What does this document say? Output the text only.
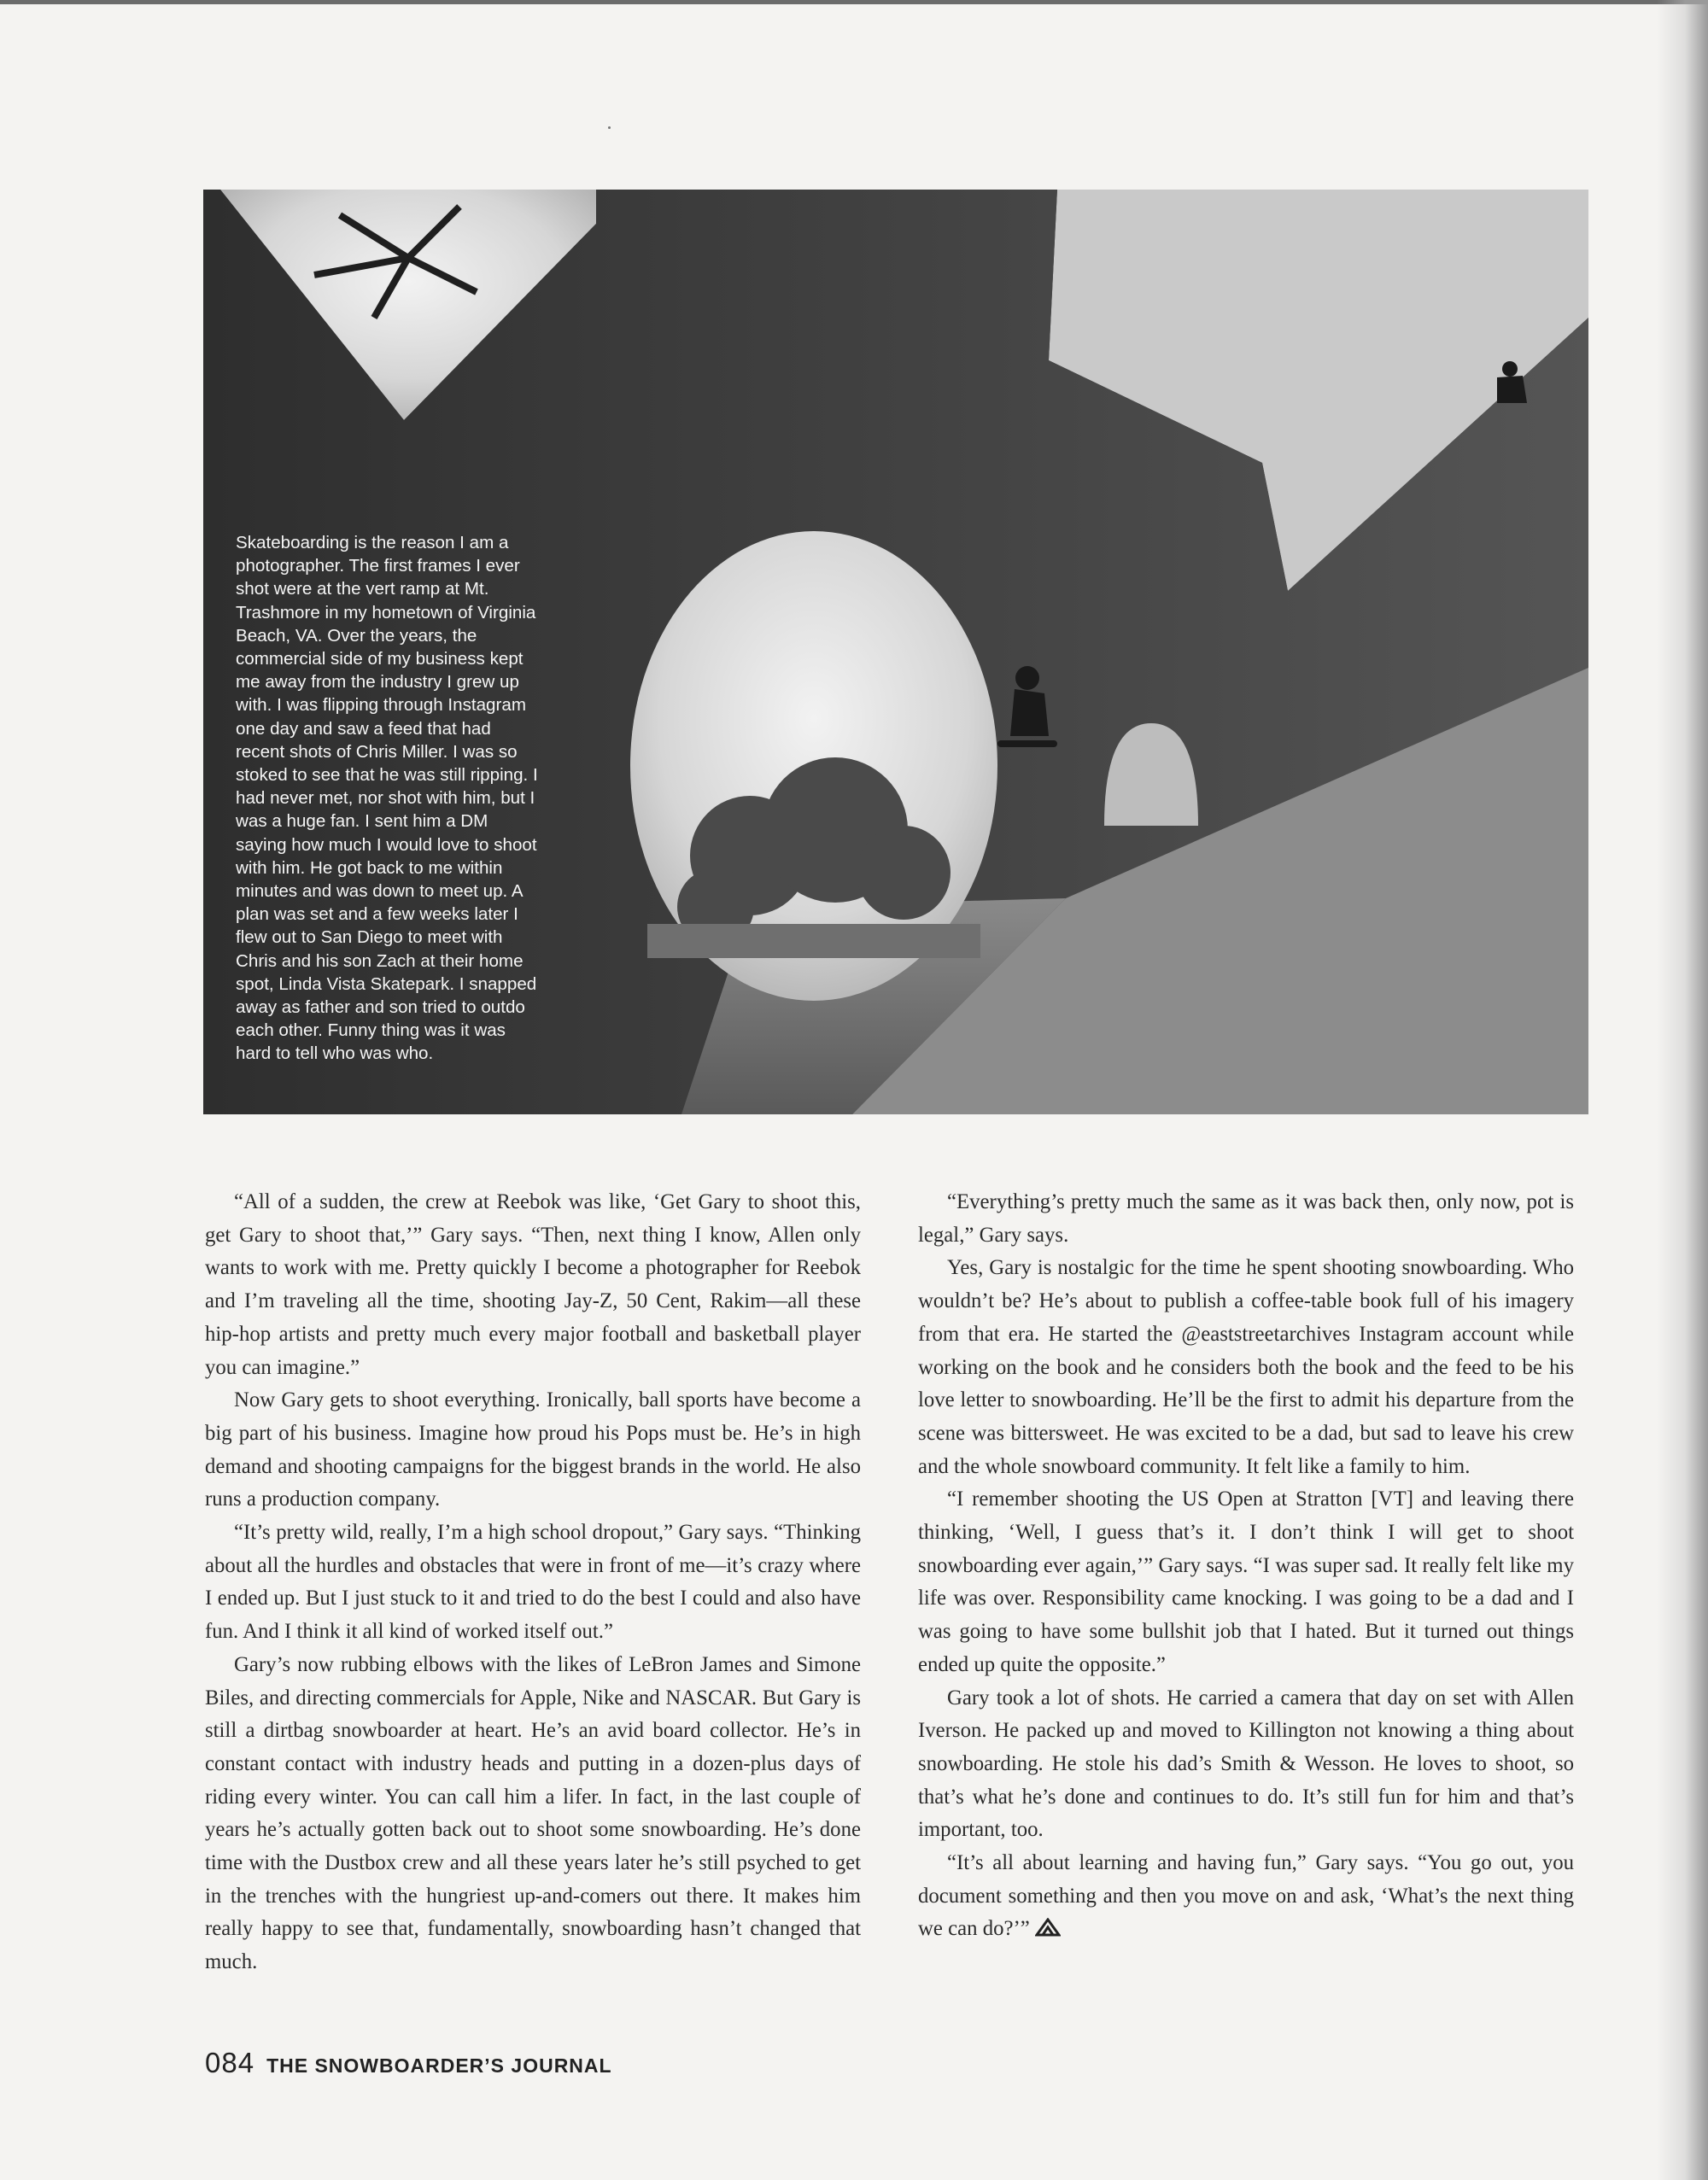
Skateboarding is the reason I am a photographer. The first frames I ever shot were at the vert ramp at Mt. Trashmore in my hometown of Virginia Beach, VA. Over the years, the commercial side of my business kept me away from the industry I grew up with. I was flipping through Instagram one day and saw a feed that had recent shots of Chris Miller. I was so stoked to see that he was still ripping. I had never met, nor shot with him, but I was a huge fan. I sent him a DM saying how much I would love to shoot with him. He got back to me within minutes and was down to meet up. A plan was set and a few weeks later I flew out to San Diego to meet with Chris and his son Zach at their home spot, Linda Vista Skatepark. I snapped away as father and son tried to outdo each other. Funny thing was it was hard to tell who was who.

“All of a sudden, the crew at Reebok was like, ‘Get Gary to shoot this, get Gary to shoot that,’” Gary says. “Then, next thing I know, Allen only wants to work with me. Pretty quickly I become a photographer for Reebok and I’m traveling all the time, shooting Jay-Z, 50 Cent, Rakim—all these hip-hop artists and pretty much every major football and basketball player you can imagine.”

Now Gary gets to shoot everything. Ironically, ball sports have become a big part of his business. Imagine how proud his Pops must be. He’s in high demand and shooting campaigns for the biggest brands in the world. He also runs a production company.

“It’s pretty wild, really, I’m a high school dropout,” Gary says. “Thinking about all the hurdles and obstacles that were in front of me—it’s crazy where I ended up. But I just stuck to it and tried to do the best I could and also have fun. And I think it all kind of worked itself out.”

Gary’s now rubbing elbows with the likes of LeBron James and Simone Biles, and directing commercials for Apple, Nike and NASCAR. But Gary is still a dirtbag snowboarder at heart. He’s an avid board collector. He’s in constant contact with industry heads and putting in a dozen-plus days of riding every winter. You can call him a lifer. In fact, in the last couple of years he’s actually gotten back out to shoot some snowboarding. He’s done time with the Dustbox crew and all these years later he’s still psyched to get in the trenches with the hungriest up-and-comers out there. It makes him really happy to see that, fundamentally, snowboarding hasn’t changed that much.

“Everything’s pretty much the same as it was back then, only now, pot is legal,” Gary says.

Yes, Gary is nostalgic for the time he spent shooting snowboarding. Who wouldn’t be? He’s about to publish a coffee-table book full of his imagery from that era. He started the @eaststreetarchives Instagram account while working on the book and he considers both the book and the feed to be his love letter to snowboarding. He’ll be the first to admit his departure from the scene was bittersweet. He was excited to be a dad, but sad to leave his crew and the whole snowboard community. It felt like a family to him.

“I remember shooting the US Open at Stratton [VT] and leaving there thinking, ‘Well, I guess that’s it. I don’t think I will get to shoot snowboarding ever again,’” Gary says. “I was super sad. It really felt like my life was over. Responsibility came knocking. I was going to be a dad and I was going to have some bullshit job that I hated. But it turned out things ended up quite the opposite.”

Gary took a lot of shots. He carried a camera that day on set with Allen Iverson. He packed up and moved to Killington not knowing a thing about snowboarding. He stole his dad’s Smith & Wesson. He loves to shoot, so that’s what he’s done and continues to do. It’s still fun for him and that’s important, too.

“It’s all about learning and having fun,” Gary says. “You go out, you document something and then you move on and ask, ‘What’s the next thing we can do?’”

084 THE SNOWBOARDER’S JOURNAL
